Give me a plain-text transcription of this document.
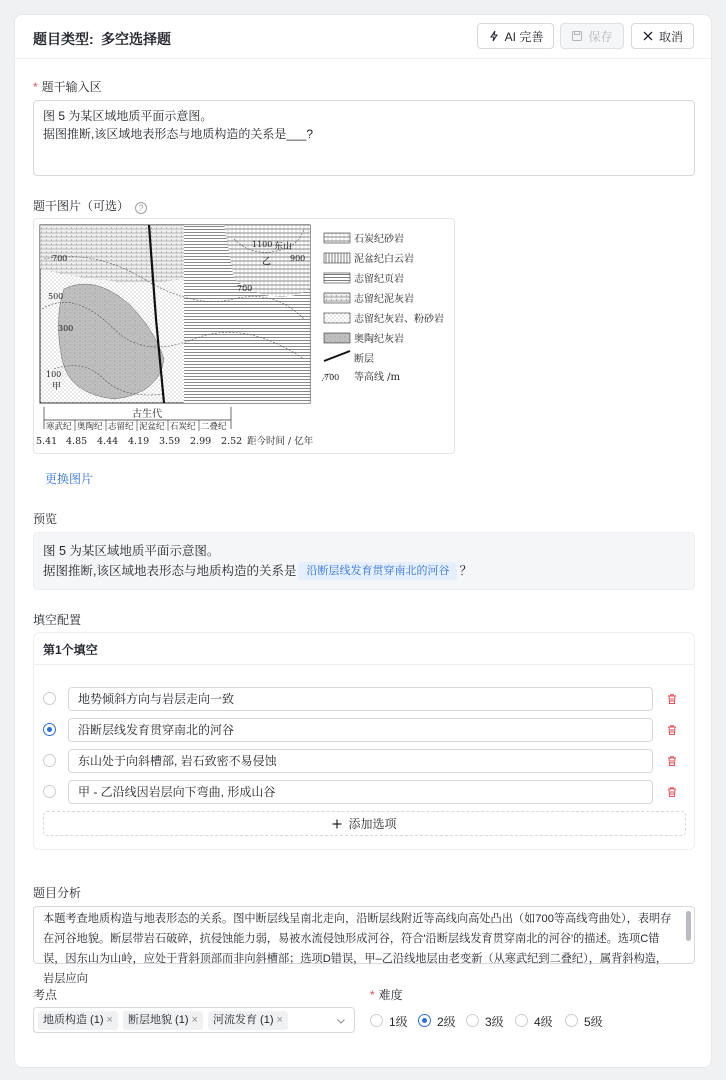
题目类型: 多空选择题	AI 完善	保存	取消
* 题干输入区
图 5 为某区域地质平面示意图。
据图推断,该区域地表形态与地质构造的关系是___?
题干图片（可选） ?
700
500
300
100
1100
900
700
东山
乙
甲
石炭纪砂岩
泥盆纪白云岩
志留纪页岩
志留纪泥灰岩
志留纪灰岩、粉砂岩
奥陶纪灰岩
断层
700 等高线 /m
古生代
寒武纪 奥陶纪 志留纪 泥盆纪 石炭纪 二叠纪
5.41 4.85 4.44 4.19 3.59 2.99 2.52 距今时间 / 亿年
更换图片
预览
图 5 为某区域地质平面示意图。
据图推断,该区域地表形态与地质构造的关系是 沿断层线发育贯穿南北的河谷 ？
填空配置
第1个填空
地势倾斜方向与岩层走向一致
沿断层线发育贯穿南北的河谷
东山处于向斜槽部, 岩石致密不易侵蚀
甲 - 乙沿线因岩层向下弯曲, 形成山谷
添加选项
题目分析
本题考查地质构造与地表形态的关系。图中断层线呈南北走向，沿断层线附近等高线向高处凸出（如700等高线弯曲处），表明存在河谷地貌。断层带岩石破碎，抗侵蚀能力弱，易被水流侵蚀形成河谷，符合'沿断层线发育贯穿南北的河谷'的描述。选项C错误，因东山为山岭，应处于背斜顶部而非向斜槽部；选项D错误，甲–乙沿线地层由老变新（从寒武纪到二叠纪），属背斜构造，岩层应向
考点
地质构造 (1) ×	断层地貌 (1) ×	河流发育 (1) ×
* 难度
1级 2级 3级	4级	5级
